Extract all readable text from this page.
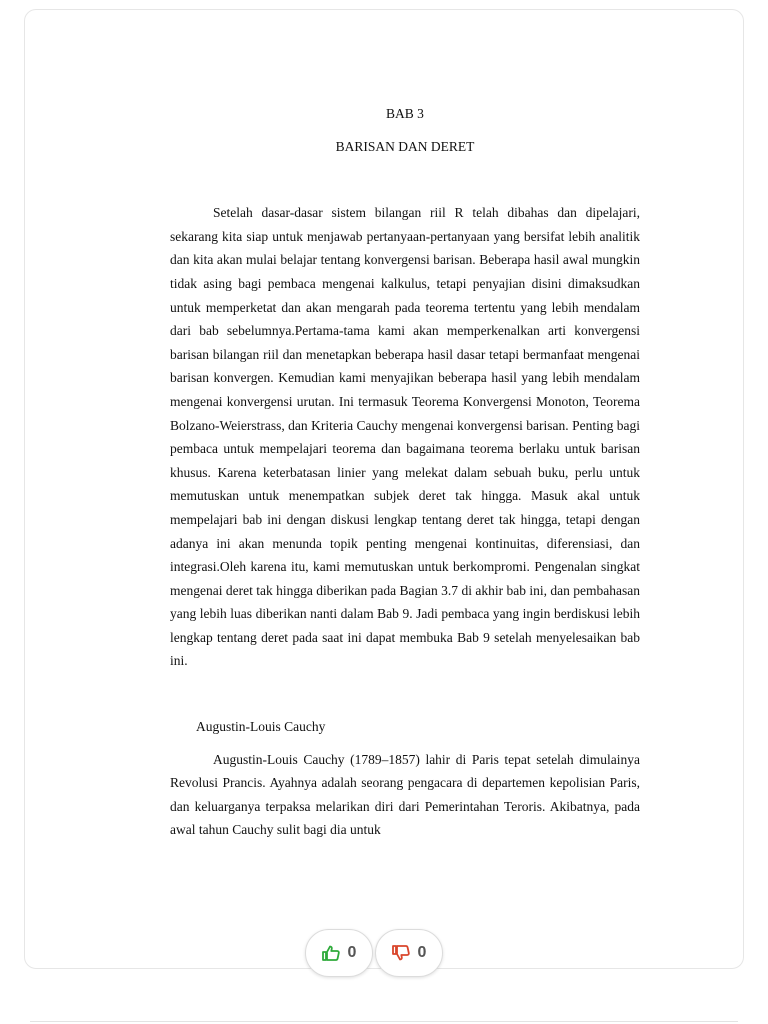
BAB 3

BARISAN DAN DERET

Setelah dasar-dasar sistem bilangan riil R telah dibahas dan dipelajari, sekarang kita siap untuk menjawab pertanyaan-pertanyaan yang bersifat lebih analitik dan kita akan mulai belajar tentang konvergensi barisan. Beberapa hasil awal mungkin tidak asing bagi pembaca mengenai kalkulus, tetapi penyajian disini dimaksudkan untuk memperketat dan akan mengarah pada teorema tertentu yang lebih mendalam dari bab sebelumnya.Pertama-tama kami akan memperkenalkan arti konvergensi barisan bilangan riil dan menetapkan beberapa hasil dasar tetapi bermanfaat mengenai barisan konvergen. Kemudian kami menyajikan beberapa hasil yang lebih mendalam mengenai konvergensi urutan. Ini termasuk Teorema Konvergensi Monoton, Teorema Bolzano-Weierstrass, dan Kriteria Cauchy mengenai konvergensi barisan. Penting bagi pembaca untuk mempelajari teorema dan bagaimana teorema berlaku untuk barisan khusus. Karena keterbatasan linier yang melekat dalam sebuah buku, perlu untuk memutuskan untuk menempatkan subjek deret tak hingga. Masuk akal untuk mempelajari bab ini dengan diskusi lengkap tentang deret tak hingga, tetapi dengan adanya ini akan menunda topik penting mengenai kontinuitas, diferensiasi, dan integrasi.Oleh karena itu, kami memutuskan untuk berkompromi. Pengenalan singkat mengenai deret tak hingga diberikan pada Bagian 3.7 di akhir bab ini, dan pembahasan yang lebih luas diberikan nanti dalam Bab 9. Jadi pembaca yang ingin berdiskusi lebih lengkap tentang deret pada saat ini dapat membuka Bab 9 setelah menyelesaikan bab ini.

Augustin-Louis Cauchy

Augustin-Louis Cauchy (1789–1857) lahir di Paris tepat setelah dimulainya Revolusi Prancis. Ayahnya adalah seorang pengacara di departemen kepolisian Paris, dan keluarganya terpaksa melarikan diri dari Pemerintahan Teroris. Akibatnya, pada awal tahun Cauchy sulit bagi dia untuk

0	0
